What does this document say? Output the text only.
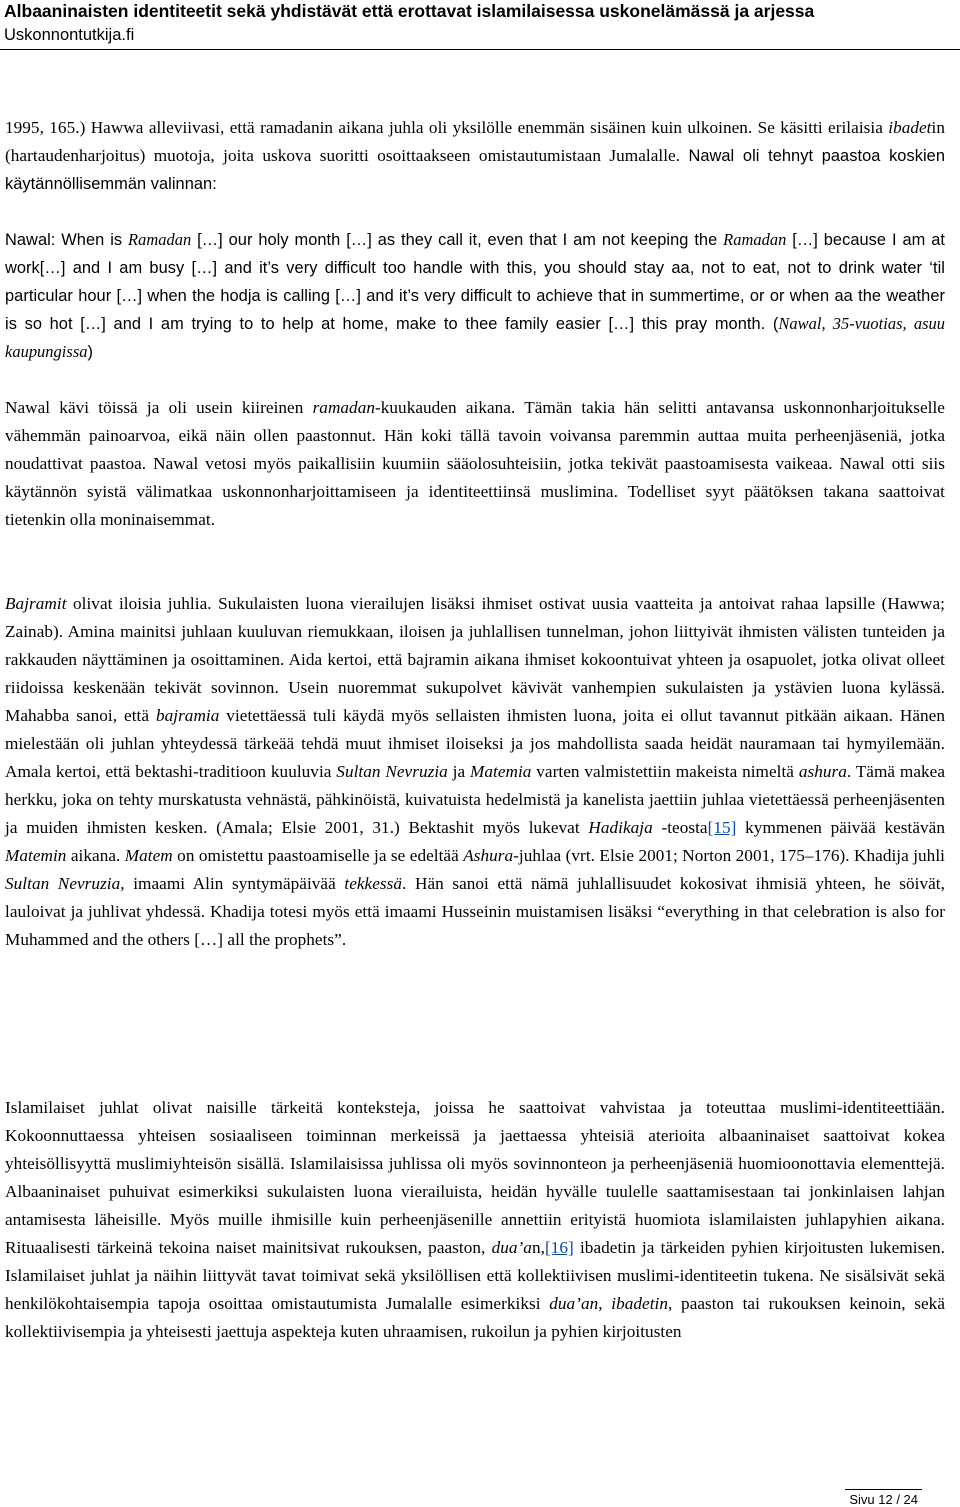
Albaaninaisten identiteetit sekä yhdistävät että erottavat islamilaisessa uskonelämässä ja arjessa
Uskonnontutkija.fi

1995, 165.) Hawwa alleviivasi, että ramadanin aikana juhla oli yksilölle enemmän sisäinen kuin ulkoinen. Se käsitti erilaisia ibadetin (hartaudenharjoitus) muotoja, joita uskova suoritti osoittaakseen omistautumistaan Jumalalle. Nawal oli tehnyt paastoa koskien käytännöllisemmän valinnan:

Nawal: When is Ramadan […] our holy month […] as they call it, even that I am not keeping the Ramadan […] because I am at work[…] and I am busy […] and it’s very difficult too handle with this, you should stay aa, not to eat, not to drink water ‘til particular hour […] when the hodja is calling […] and it’s very difficult to achieve that in summertime, or or when aa the weather is so hot […] and I am trying to to help at home, make to thee family easier […] this pray month. (Nawal, 35-vuotias, asuu kaupungissa)

Nawal kävi töissä ja oli usein kiireinen ramadan-kuukauden aikana. Tämän takia hän selitti antavansa uskonnonharjoitukselle vähemmän painoarvoa, eikä näin ollen paastonnut. Hän koki tällä tavoin voivansa paremmin auttaa muita perheenjäseniä, jotka noudattivat paastoa. Nawal vetosi myös paikallisiin kuumiin sääolosuhteisiin, jotka tekivät paastoamisesta vaikeaa. Nawal otti siis käytännön syistä välimatkaa uskonnonharjoittamiseen ja identiteettiinsä muslimina. Todelliset syyt päätöksen takana saattoivat tietenkin olla moninaisemmat.

Bajramit olivat iloisia juhlia. Sukulaisten luona vierailujen lisäksi ihmiset ostivat uusia vaatteita ja antoivat rahaa lapsille (Hawwa; Zainab). Amina mainitsi juhlaan kuuluvan riemukkaan, iloisen ja juhlallisen tunnelman, johon liittyivät ihmisten välisten tunteiden ja rakkauden näyttäminen ja osoittaminen. Aida kertoi, että bajramin aikana ihmiset kokoontuivat yhteen ja osapuolet, jotka olivat olleet riidoissa keskenään tekivät sovinnon. Usein nuoremmat sukupolvet kävivät vanhempien sukulaisten ja ystävien luona kylässä. Mahabba sanoi, että bajramia vietettäessä tuli käydä myös sellaisten ihmisten luona, joita ei ollut tavannut pitkään aikaan. Hänen mielestään oli juhlan yhteydessä tärkeää tehdä muut ihmiset iloiseksi ja jos mahdollista saada heidät nauramaan tai hymyilemään. Amala kertoi, että bektashi-traditioon kuuluvia Sultan Nevruzia ja Matemia varten valmistettiin makeista nimeltä ashura. Tämä makea herkku, joka on tehty murskatusta vehnästä, pähkinöistä, kuivatuista hedelmistä ja kanelista jaettiin juhlaa vietettäessä perheenjäsenten ja muiden ihmisten kesken. (Amala; Elsie 2001, 31.) Bektashit myös lukevat Hadikaja -teosta[15] kymmenen päivää kestävän Matemin aikana. Matem on omistettu paastoamiselle ja se edeltää Ashura-juhlaa (vrt. Elsie 2001; Norton 2001, 175–176). Khadija juhli Sultan Nevruzia, imaami Alin syntymäpäivää tekkessä. Hän sanoi että nämä juhlallisuudet kokosivat ihmisiä yhteen, he söivät, lauloivat ja juhlivat yhdessä. Khadija totesi myös että imaami Husseinin muistamisen lisäksi “everything in that celebration is also for Muhammed and the others […] all the prophets”.

Islamilaiset juhlat olivat naisille tärkeitä konteksteja, joissa he saattoivat vahvistaa ja toteuttaa muslimi-identiteettiään. Kokoonnuttaessa yhteisen sosiaaliseen toiminnan merkeissä ja jaettaessa yhteisiä aterioita albaaninaiset saattoivat kokea yhteisöllisyyttä muslimiyhteisön sisällä. Islamilaisissa juhlissa oli myös sovinnonteon ja perheenjäseniä huomioonottavia elementtejä. Albaaninaiset puhuivat esimerkiksi sukulaisten luona vierailuista, heidän hyvälle tuulelle saattamisestaan tai jonkinlaisen lahjan antamisesta läheisille. Myös muille ihmisille kuin perheenjäsenille annettiin erityistä huomiota islamilaisten juhlapyhien aikana. Rituaalisesti tärkeinä tekoina naiset mainitsivat rukouksen, paaston, dua’an,[16] ibadetin ja tärkeiden pyhien kirjoitusten lukemisen. Islamilaiset juhlat ja näihin liittyvät tavat toimivat sekä yksilöllisen että kollektiivisen muslimi-identiteetin tukena. Ne sisälsivät sekä henkilökohtaisempia tapoja osoittaa omistautumista Jumalalle esimerkiksi dua’an, ibadetin, paaston tai rukouksen keinoin, sekä kollektiivisempia ja yhteisesti jaettuja aspekteja kuten uhraamisen, rukoilun ja pyhien kirjoitusten

Sivu 12 / 24
